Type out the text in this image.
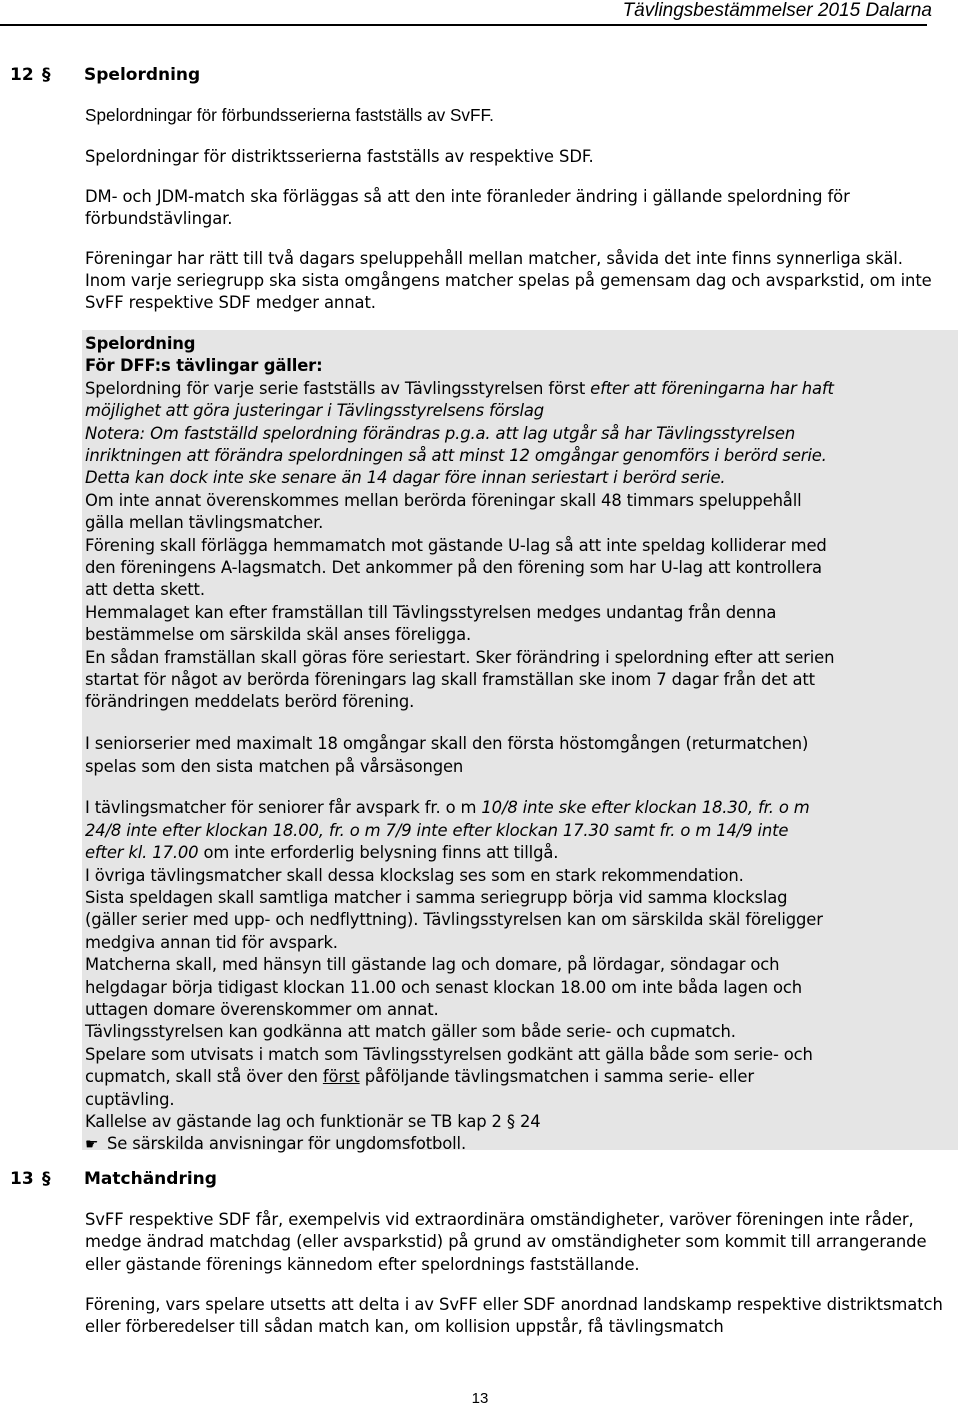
Tävlingsbestämmelser 2015 Dalarna
12 § Spelordning

Spelordningar för förbundsserierna fastställs av SvFF.

Spelordningar för distriktsserierna fastställs av respektive SDF.

DM- och JDM-match ska förläggas så att den inte föranleder ändring i gällande spelordning för förbundstävlingar.

Föreningar har rätt till två dagars speluppehåll mellan matcher, såvida det inte finns synnerliga skäl. Inom varje seriegrupp ska sista omgångens matcher spelas på gemensam dag och avsparkstid, om inte SvFF respektive SDF medger annat.

Spelordning
För DFF:s tävlingar gäller:
Spelordning för varje serie fastställs av Tävlingsstyrelsen först efter att föreningarna har haft
möjlighet att göra justeringar i Tävlingsstyrelsens förslag
Notera: Om fastställd spelordning förändras p.g.a. att lag utgår så har Tävlingsstyrelsen
inriktningen att förändra spelordningen så att minst 12 omgångar genomförs i berörd serie.
Detta kan dock inte ske senare än 14 dagar före innan seriestart i berörd serie.
Om inte annat överenskommes mellan berörda föreningar skall 48 timmars speluppehåll
gälla mellan tävlingsmatcher.
Förening skall förlägga hemmamatch mot gästande U-lag så att inte speldag kolliderar med
den föreningens A-lagsmatch. Det ankommer på den förening som har U-lag att kontrollera
att detta skett.
Hemmalaget kan efter framställan till Tävlingsstyrelsen medges undantag från denna
bestämmelse om särskilda skäl anses föreligga.
En sådan framställan skall göras före seriestart. Sker förändring i spelordning efter att serien
startat för något av berörda föreningars lag skall framställan ske inom 7 dagar från det att
förändringen meddelats berörd förening.
I seniorserier med maximalt 18 omgångar skall den första höstomgången (returmatchen)
spelas som den sista matchen på vårsäsongen
I tävlingsmatcher för seniorer får avspark fr. o m 10/8 inte ske efter klockan 18.30, fr. o m
24/8 inte efter klockan 18.00, fr. o m 7/9 inte efter klockan 17.30 samt fr. o m 14/9 inte
efter kl. 17.00 om inte erforderlig belysning finns att tillgå.
I övriga tävlingsmatcher skall dessa klockslag ses som en stark rekommendation.
Sista speldagen skall samtliga matcher i samma seriegrupp börja vid samma klockslag
(gäller serier med upp- och nedflyttning). Tävlingsstyrelsen kan om särskilda skäl föreligger
medgiva annan tid för avspark.
Matcherna skall, med hänsyn till gästande lag och domare, på lördagar, söndagar och
helgdagar börja tidigast klockan 11.00 och senast klockan 18.00 om inte båda lagen och
uttagen domare överenskommer om annat.
Tävlingsstyrelsen kan godkänna att match gäller som både serie- och cupmatch.
Spelare som utvisats i match som Tävlingsstyrelsen godkänt att gälla både som serie- och
cupmatch, skall stå över den först påföljande tävlingsmatchen i samma serie- eller
cuptävling.
Kallelse av gästande lag och funktionär se TB kap 2 § 24
☛ Se särskilda anvisningar för ungdomsfotboll.
13 § Matchändring

SvFF respektive SDF får, exempelvis vid extraordinära omständigheter, varöver föreningen inte råder, medge ändrad matchdag (eller avsparkstid) på grund av omständigheter som kommit till arrangerande eller gästande förenings kännedom efter spelordnings fastställande.

Förening, vars spelare utsetts att delta i av SvFF eller SDF anordnad landskamp respektive distriktsmatch eller förberedelser till sådan match kan, om kollision uppstår, få tävlingsmatch

13
